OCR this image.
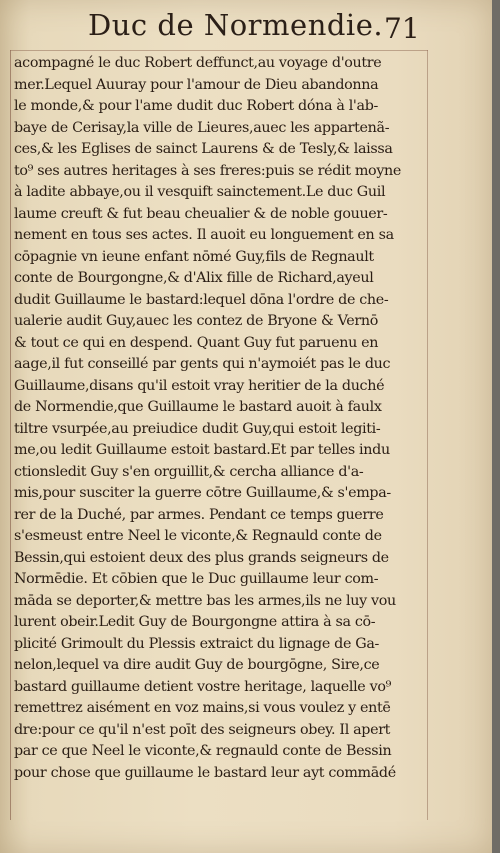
Duc de Normendie. 71
acompagné le duc Robert deffunct,au voyage d'outre
mer.Lequel Auuray pour l'amour de Dieu abandonna
le monde,& pour l'ame dudit duc Robert dóna à l'ab-
baye de Cerisay,la ville de Lieures,auec les appartenã-
ces,& les Eglises de sainct Laurens & de Tesly,& laissa
to⁹ ses autres heritages à ses freres:puis se rédit moyne
à ladite abbaye,ou il vesquift sainctement.Le duc Guil
laume creuft & fut beau cheualier & de noble gouuer-
nement en tous ses actes. Il auoit eu longuement en sa
cōpagnie vn ieune enfant nōmé Guy,fils de Regnault
conte de Bourgongne,& d'Alix fille de Richard,ayeul
dudit Guillaume le bastard:lequel dōna l'ordre de che-
ualerie audit Guy,auec les contez de Bryone & Vernō
& tout ce qui en despend. Quant Guy fut paruenu en
aage,il fut conseillé par gents qui n'aymoiét pas le duc
Guillaume,disans qu'il estoit vray heritier de la duché
de Normendie,que Guillaume le bastard auoit à faulx
tiltre vsurpée,au preiudice dudit Guy,qui estoit legiti-
me,ou ledit Guillaume estoit bastard.Et par telles indu
ctionsledit Guy s'en orguillit,& cercha alliance d'a-
mis,pour susciter la guerre cōtre Guillaume,& s'empa-
rer de la Duché, par armes. Pendant ce temps guerre
s'esmeust entre Neel le viconte,& Regnauld conte de
Bessin,qui estoient deux des plus grands seigneurs de
Normēdie. Et cōbien que le Duc guillaume leur com-
māda se deporter,& mettre bas les armes,ils ne luy vou
lurent obeir.Ledit Guy de Bourgongne attira à sa cō-
plicité Grimoult du Plessis extraict du lignage de Ga-
nelon,lequel va dire audit Guy de bourgōgne, Sire,ce
bastard guillaume detient vostre heritage, laquelle vo⁹
remettrez aisément en voz mains,si vous voulez y entē
dre:pour ce qu'il n'est poīt des seigneurs obey. Il apert
par ce que Neel le viconte,& regnauld conte de Bessin
pour chose que guillaume le bastard leur ayt commādé
